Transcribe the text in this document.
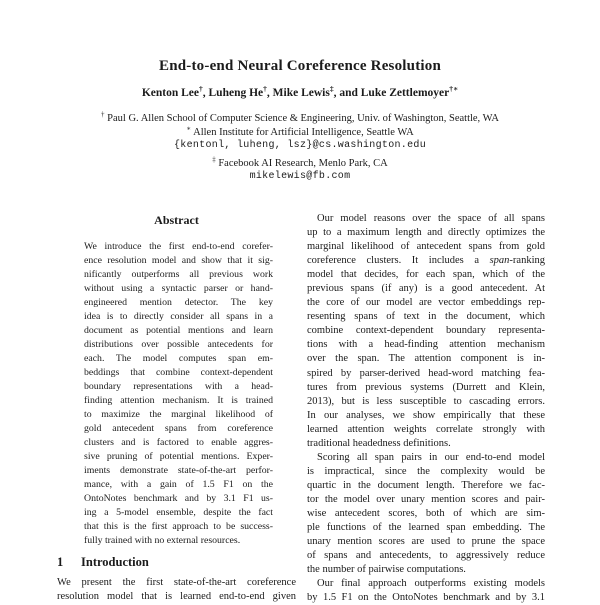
End-to-end Neural Coreference Resolution
Kenton Lee†, Luheng He†, Mike Lewis‡, and Luke Zettlemoyer†∗
† Paul G. Allen School of Computer Science & Engineering, Univ. of Washington, Seattle, WA
∗ Allen Institute for Artificial Intelligence, Seattle WA
{kentonl, luheng, lsz}@cs.washington.edu
‡ Facebook AI Research, Menlo Park, CA
mikelewis@fb.com
Abstract
We introduce the first end-to-end corefer-
ence resolution model and show that it sig-
nificantly outperforms all previous work
without using a syntactic parser or hand-
engineered mention detector. The key
idea is to directly consider all spans in a
document as potential mentions and learn
distributions over possible antecedents for
each. The model computes span em-
beddings that combine context-dependent
boundary representations with a head-
finding attention mechanism. It is trained
to maximize the marginal likelihood of
gold antecedent spans from coreference
clusters and is factored to enable aggres-
sive pruning of potential mentions. Exper-
iments demonstrate state-of-the-art perfor-
mance, with a gain of 1.5 F1 on the
OntoNotes benchmark and by 3.1 F1 us-
ing a 5-model ensemble, despite the fact
that this is the first approach to be success-
fully trained with no external resources.
1 Introduction
We present the first state-of-the-art coreference
resolution model that is learned end-to-end given
Our model reasons over the space of all spans
up to a maximum length and directly optimizes the
marginal likelihood of antecedent spans from gold
coreference clusters. It includes a span-ranking
model that decides, for each span, which of the
previous spans (if any) is a good antecedent. At
the core of our model are vector embeddings rep-
resenting spans of text in the document, which
combine context-dependent boundary representa-
tions with a head-finding attention mechanism
over the span. The attention component is in-
spired by parser-derived head-word matching fea-
tures from previous systems (Durrett and Klein,
2013), but is less susceptible to cascading errors.
In our analyses, we show empirically that these
learned attention weights correlate strongly with
traditional headedness definitions.
Scoring all span pairs in our end-to-end model
is impractical, since the complexity would be
quartic in the document length. Therefore we fac-
tor the model over unary mention scores and pair-
wise antecedent scores, both of which are sim-
ple functions of the learned span embedding. The
unary mention scores are used to prune the space
of spans and antecedents, to aggressively reduce
the number of pairwise computations.
Our final approach outperforms existing models
by 1.5 F1 on the OntoNotes benchmark and by 3.1
